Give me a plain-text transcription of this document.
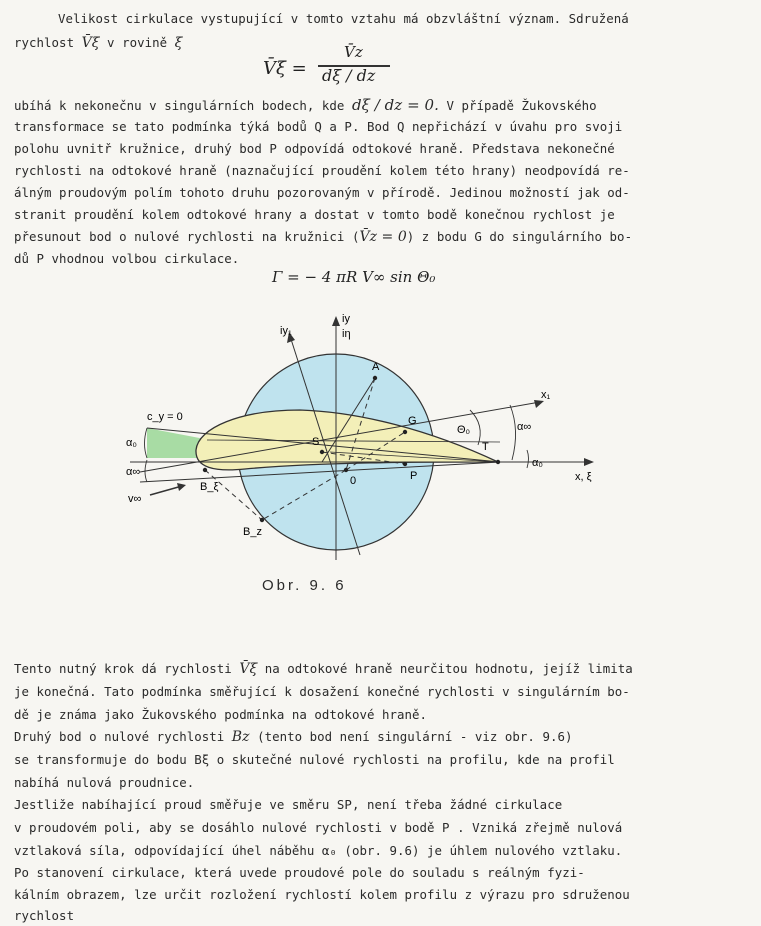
Velikost cirkulace vystupující v tomto vztahu má obzvláštní význam. Sdružená
rychlost V̄ξ v rovině ξ
V̄ξ =
V̄z
dξ / dz
ubíhá k nekonečnu v singulárních bodech, kde dξ / dz = 0. V případě Žukovského
transformace se tato podmínka týká bodů Q a P. Bod Q nepřichází v úvahu pro svoji
polohu uvnitř kružnice, druhý bod P odpovídá odtokové hraně. Představa nekonečné
rychlosti na odtokové hraně (naznačující proudění kolem této hrany) neodpovídá re-
álným proudovým polím tohoto druhu pozorovaným v přírodě. Jedinou možností jak od-
stranit proudění kolem odtokové hrany a dostat v tomto bodě konečnou rychlost je
přesunout bod o nulové rychlosti na kružnici (V̄z = 0) z bodu G do singulárního bo-
dů P vhodnou volbou cirkulace.
Γ = − 4 πR V∞ sin Θ₀
iy₁
iy
iη
A
x₁
G
c_y = 0
Θ₀	α∞
α₀
α∞
S	T
P	x, ξ
α₀
0
B_ξ
B_z
v∞
Obr. 9. 6
Tento nutný krok dá rychlosti V̄ξ na odtokové hraně neurčitou hodnotu, jejíž limita
je konečná. Tato podmínka směřující k dosažení konečné rychlosti v singulárním bo-
dě je známa jako Žukovského podmínka na odtokové hraně.
Druhý bod o nulové rychlosti Bz (tento bod není singulární - viz obr. 9.6)
se transformuje do bodu Bξ o skutečné nulové rychlosti na profilu, kde na profil
nabíhá nulová proudnice.
Jestliže nabíhající proud směřuje ve směru SP, není třeba žádné cirkulace
v proudovém poli, aby se dosáhlo nulové rychlosti v bodě P . Vzniká zřejmě nulová
vztlaková síla, odpovídající úhel náběhu α₀ (obr. 9.6) je úhlem nulového vztlaku.
Po stanovení cirkulace, která uvede proudové pole do souladu s reálným fyzi-
kálním obrazem, lze určit rozložení rychlostí kolem profilu z výrazu pro sdruženou
rychlost
